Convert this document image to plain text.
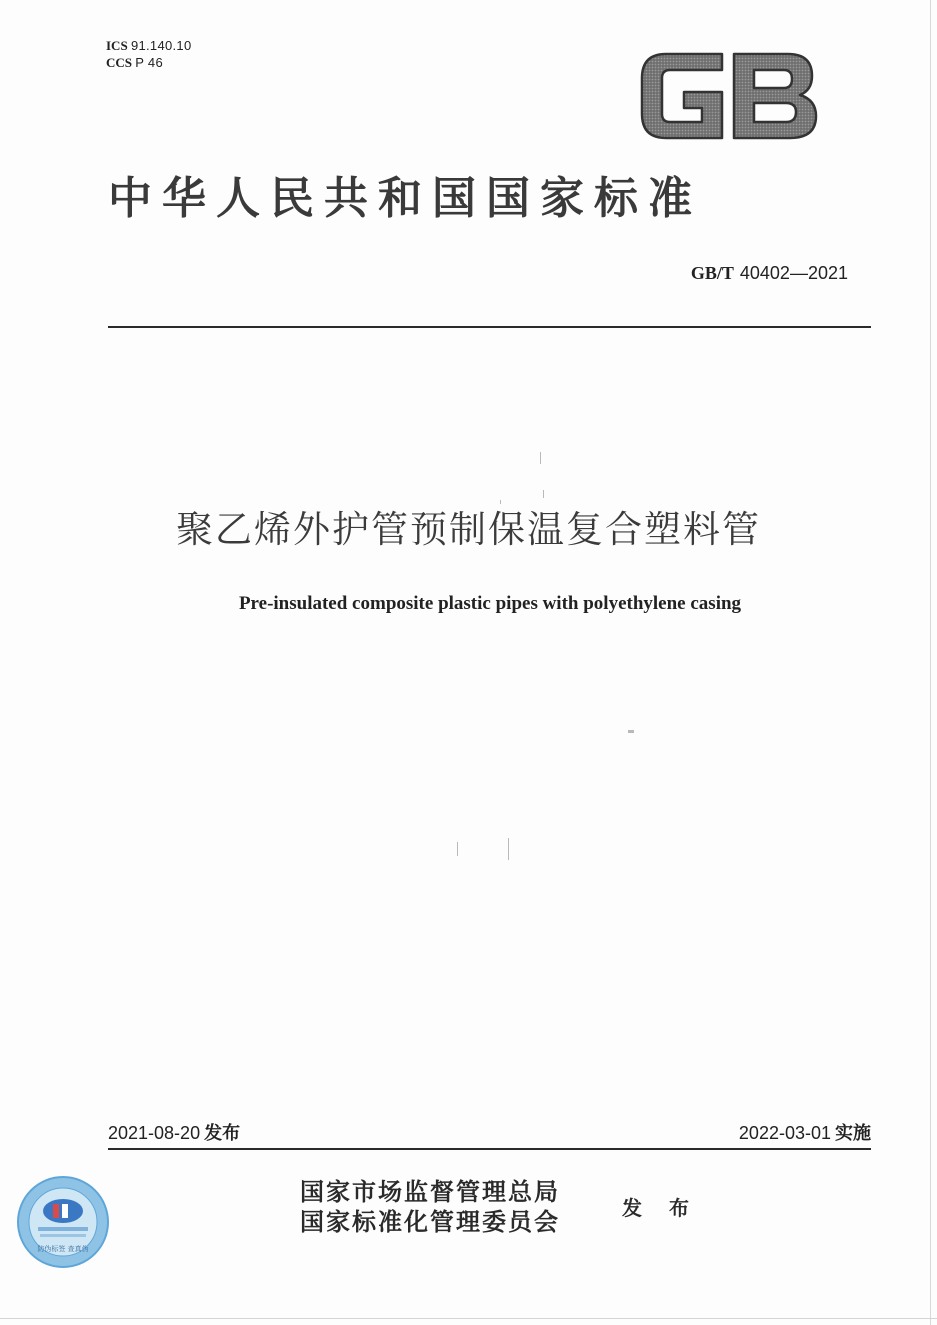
ICS 91.140.10
CCS P 46
中华人民共和国国家标准
GB/T 40402—2021
聚乙烯外护管预制保温复合塑料管
Pre-insulated composite plastic pipes with polyethylene casing
2021-08-20 发布	2022-03-01 实施
国家市场监督管理总局
国家标准化管理委员会	发 布
防伪标签 查真伪
